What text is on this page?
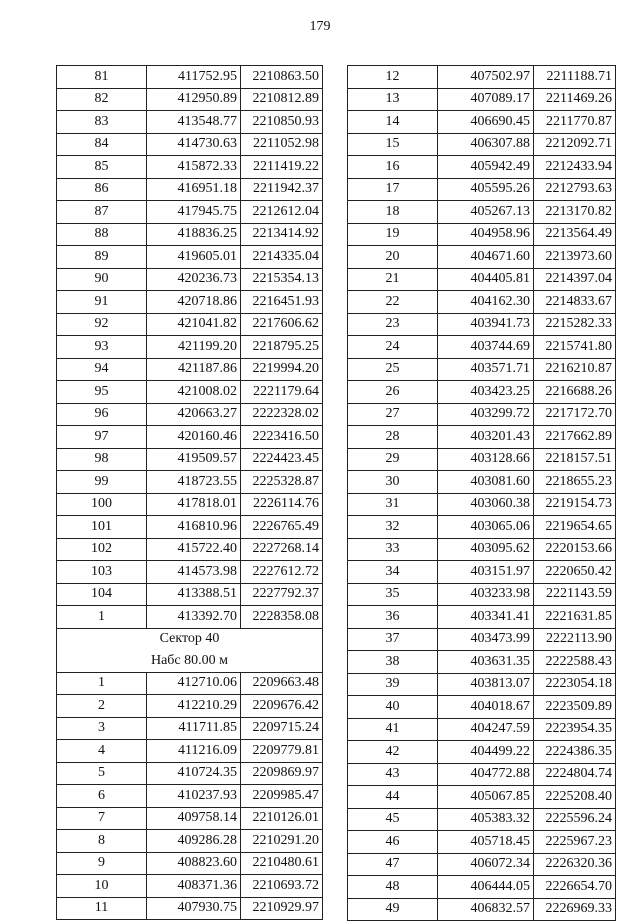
179
81	411752.95	2210863.50
82	412950.89	2210812.89
83	413548.77	2210850.93
84	414730.63	2211052.98
85	415872.33	2211419.22
86	416951.18	2211942.37
87	417945.75	2212612.04
88	418836.25	2213414.92
89	419605.01	2214335.04
90	420236.73	2215354.13
91	420718.86	2216451.93
92	421041.82	2217606.62
93	421199.20	2218795.25
94	421187.86	2219994.20
95	421008.02	2221179.64
96	420663.27	2222328.02
97	420160.46	2223416.50
98	419509.57	2224423.45
99	418723.55	2225328.87
100	417818.01	2226114.76
101	416810.96	2226765.49
102	415722.40	2227268.14
103	414573.98	2227612.72
104	413388.51	2227792.37
1	413392.70	2228358.08
Сектор 40		
Набс 80.00 м		
1	412710.06	2209663.48
2	412210.29	2209676.42
3	411711.85	2209715.24
4	411216.09	2209779.81
5	410724.35	2209869.97
6	410237.93	2209985.47
7	409758.14	2210126.01
8	409286.28	2210291.20
9	408823.60	2210480.61
10	408371.36	2210693.72
11	407930.75	2210929.97
12	407502.97	2211188.71
13	407089.17	2211469.26
14	406690.45	2211770.87
15	406307.88	2212092.71
16	405942.49	2212433.94
17	405595.26	2212793.63
18	405267.13	2213170.82
19	404958.96	2213564.49
20	404671.60	2213973.60
21	404405.81	2214397.04
22	404162.30	2214833.67
23	403941.73	2215282.33
24	403744.69	2215741.80
25	403571.71	2216210.87
26	403423.25	2216688.26
27	403299.72	2217172.70
28	403201.43	2217662.89
29	403128.66	2218157.51
30	403081.60	2218655.23
31	403060.38	2219154.73
32	403065.06	2219654.65
33	403095.62	2220153.66
34	403151.97	2220650.42
35	403233.98	2221143.59
36	403341.41	2221631.85
37	403473.99	2222113.90
38	403631.35	2222588.43
39	403813.07	2223054.18
40	404018.67	2223509.89
41	404247.59	2223954.35
42	404499.22	2224386.35
43	404772.88	2224804.74
44	405067.85	2225208.40
45	405383.32	2225596.24
46	405718.45	2225967.23
47	406072.34	2226320.36
48	406444.05	2226654.70
49	406832.57	2226969.33
